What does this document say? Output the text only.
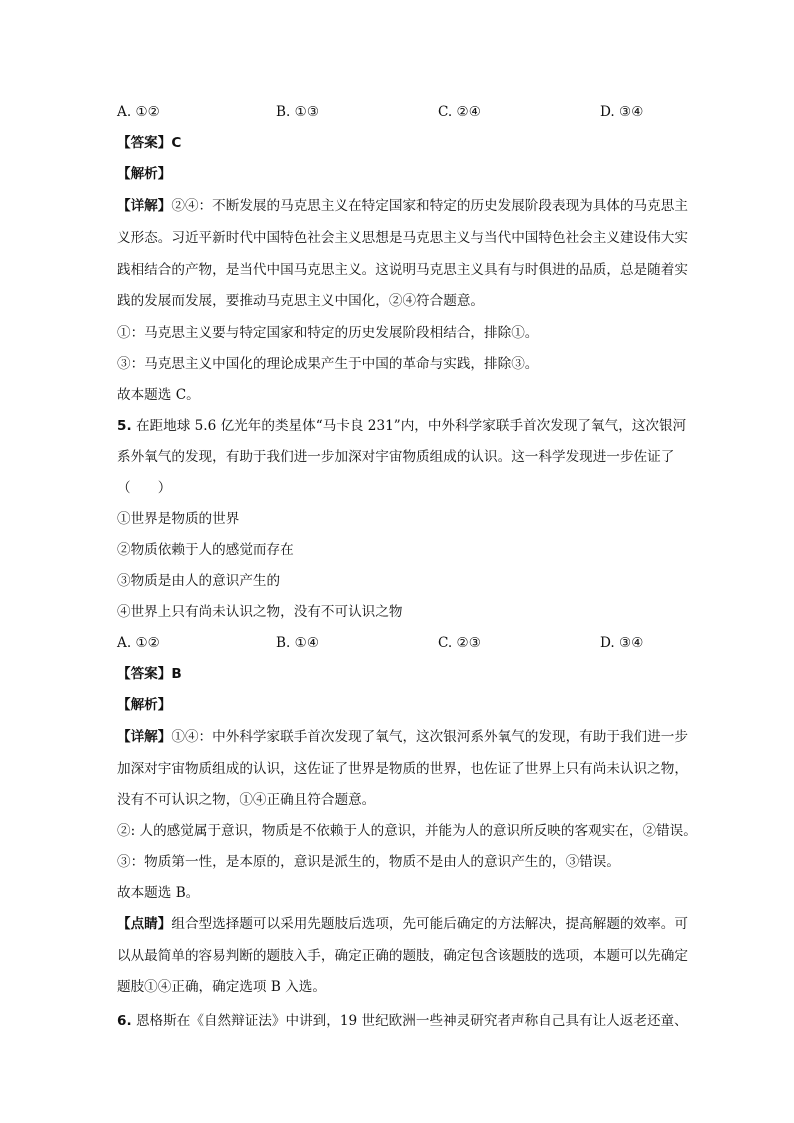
A. ①②	B. ①③	C. ②④	D. ③④
【答案】C
【解析】
【详解】②④：不断发展的马克思主义在特定国家和特定的历史发展阶段表现为具体的马克思主
义形态。习近平新时代中国特色社会主义思想是马克思主义与当代中国特色社会主义建设伟大实
践相结合的产物，是当代中国马克思主义。这说明马克思主义具有与时俱进的品质，总是随着实
践的发展而发展，要推动马克思主义中国化，②④符合题意。
①：马克思主义要与特定国家和特定的历史发展阶段相结合，排除①。
③：马克思主义中国化的理论成果产生于中国的革命与实践，排除③。
故本题选 C。
5. 在距地球 5.6 亿光年的类星体“马卡良 231”内，中外科学家联手首次发现了氧气，这次银河
系外氧气的发现，有助于我们进一步加深对宇宙物质组成的认识。这一科学发现进一步佐证了
（　　）
①世界是物质的世界
②物质依赖于人的感觉而存在
③物质是由人的意识产生的
④世界上只有尚未认识之物，没有不可认识之物
A. ①②	B. ①④	C. ②③	D. ③④
【答案】B
【解析】
【详解】①④：中外科学家联手首次发现了氧气，这次银河系外氧气的发现，有助于我们进一步
加深对宇宙物质组成的认识，这佐证了世界是物质的世界，也佐证了世界上只有尚未认识之物，
没有不可认识之物，①④正确且符合题意。
②: 人的感觉属于意识，物质是不依赖于人的意识，并能为人的意识所反映的客观实在，②错误。
③：物质第一性，是本原的，意识是派生的，物质不是由人的意识产生的，③错误。
故本题选 B。
【点睛】组合型选择题可以采用先题肢后选项，先可能后确定的方法解决，提高解题的效率。可
以从最简单的容易判断的题肢入手，确定正确的题肢，确定包含该题肢的选项，本题可以先确定
题肢①④正确，确定选项 B 入选。
6. 恩格斯在《自然辩证法》中讲到，19 世纪欧洲一些神灵研究者声称自己具有让人返老还童、
